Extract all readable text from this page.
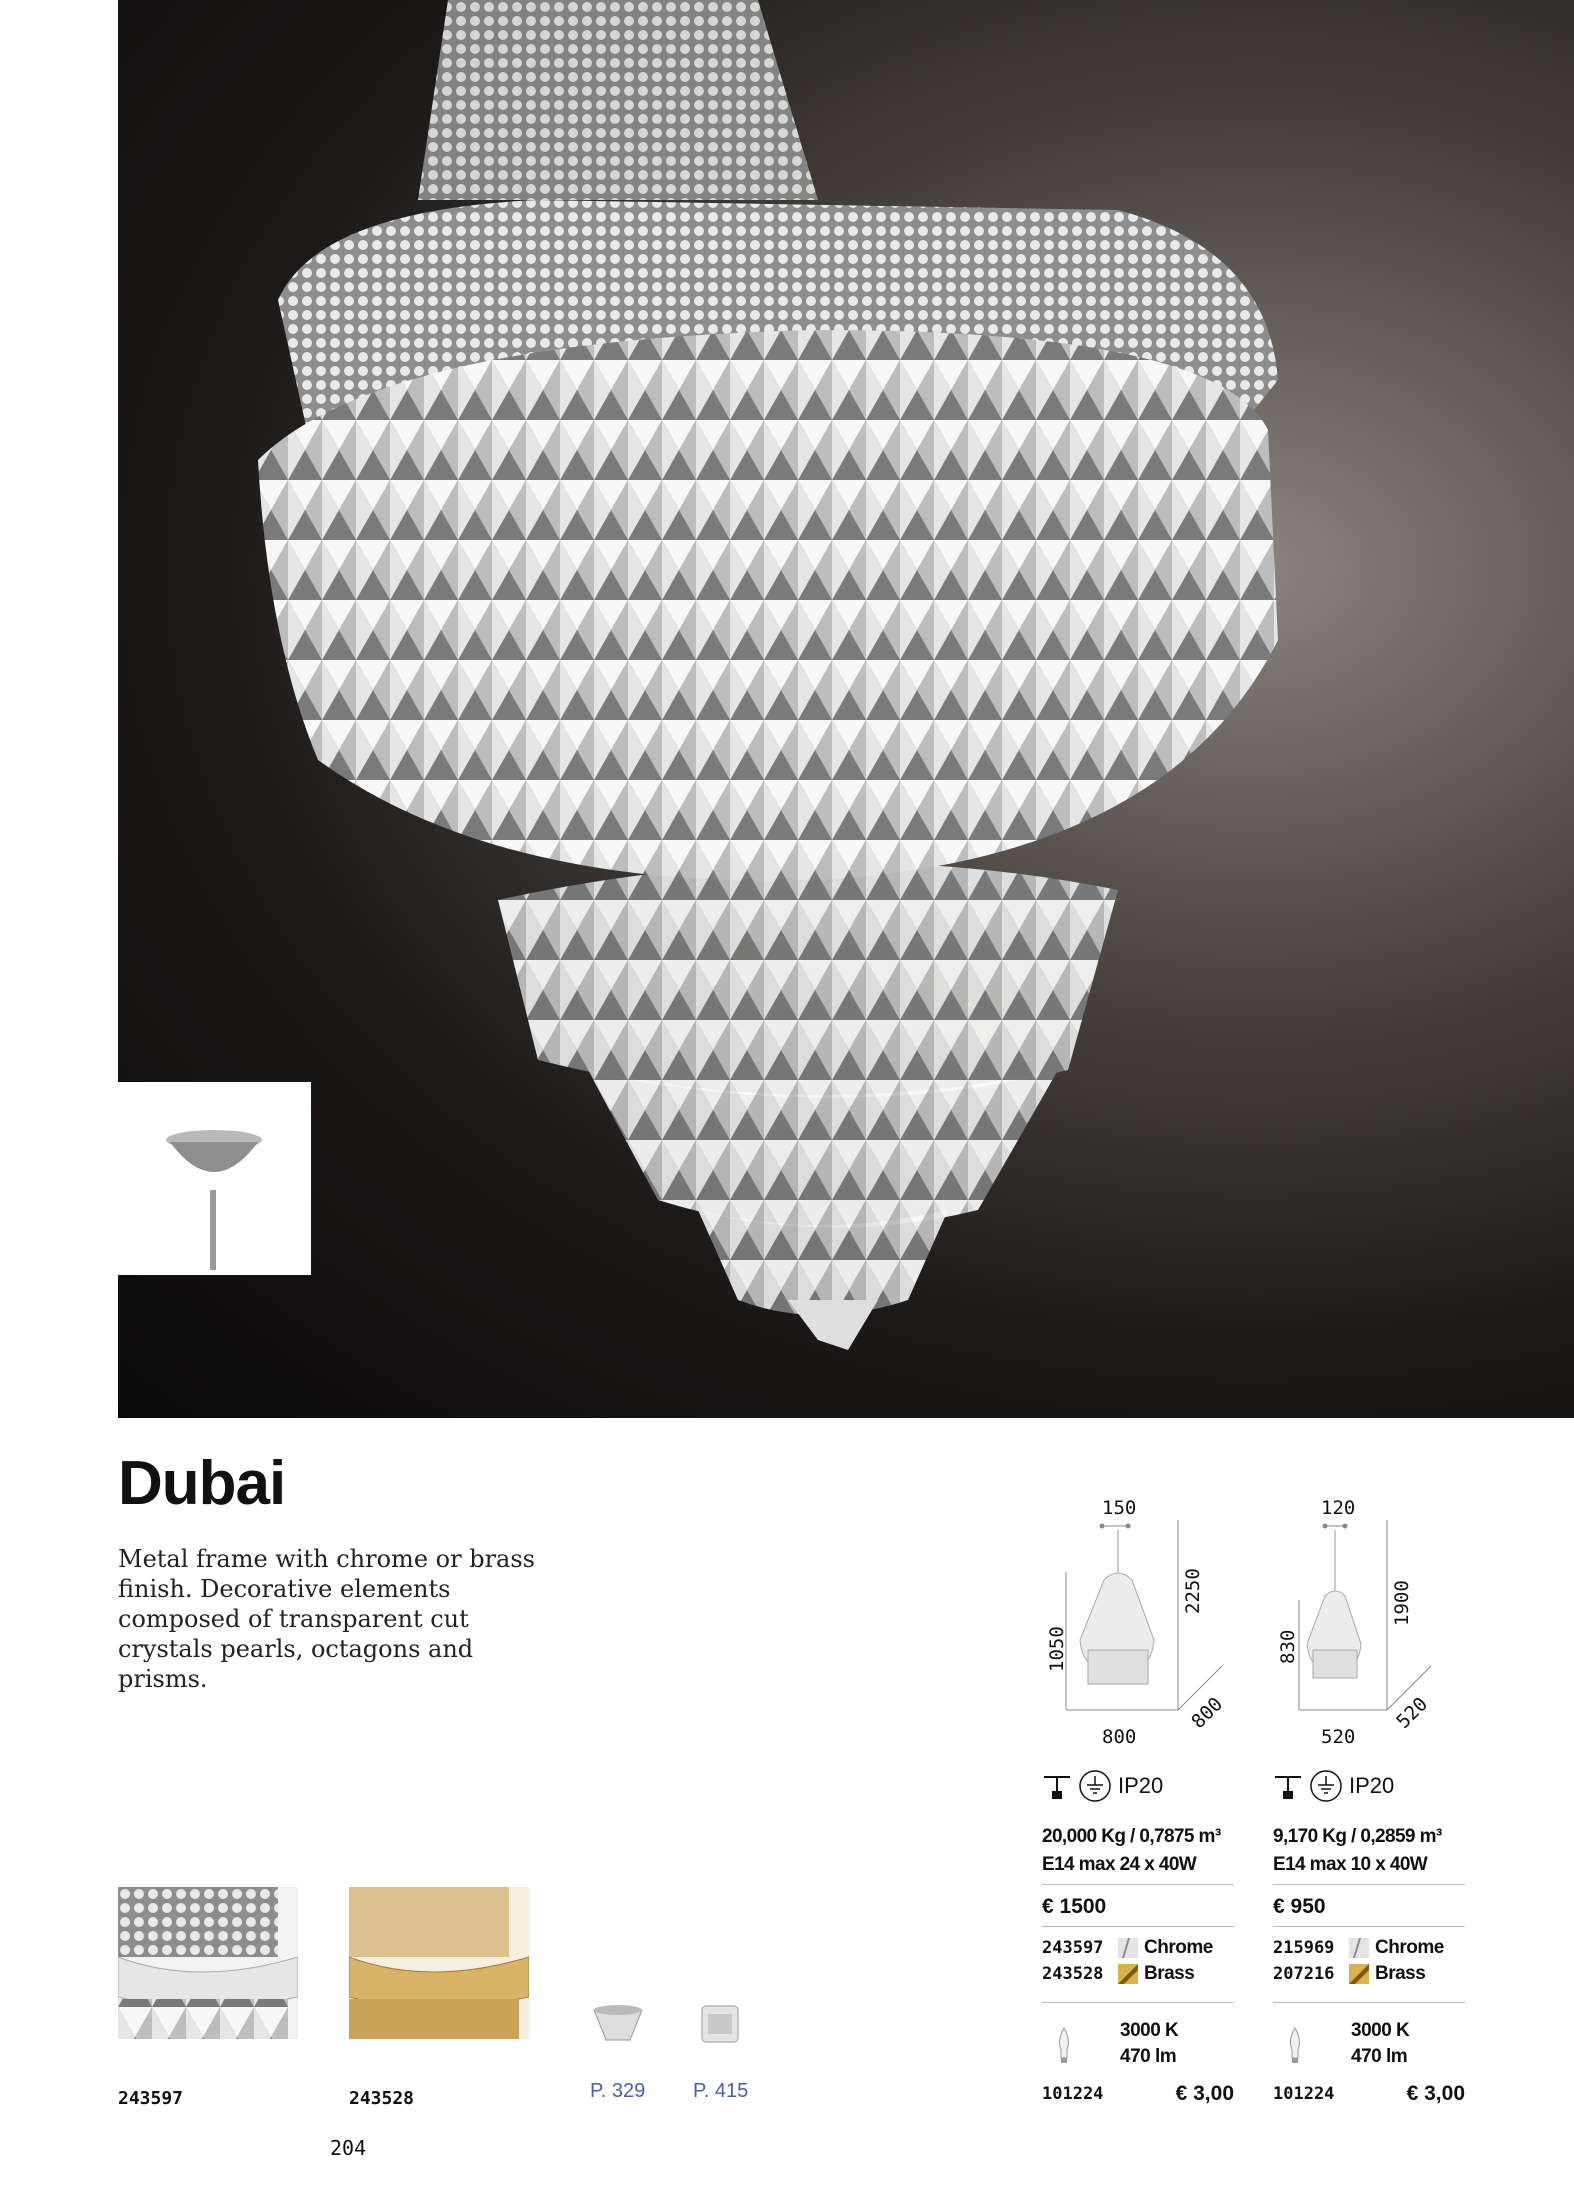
Dubai
Metal frame with chrome or brass finish. Decorative elements composed of transparent cut crystals pearls, octagons and prisms.
243597	243528	P. 329 P. 415
204
150
1050
2250
800
800
IP20
20,000 Kg / 0,7875 m³
E14 max 24 x 40W
€ 1500
243597	Chrome
243528	Brass
3000 K
470 lm
101224	€ 3,00
120
830
1900
520
520
IP20
9,170 Kg / 0,2859 m³
E14 max 10 x 40W
€ 950
215969	Chrome
207216	Brass
3000 K
470 lm
101224	€ 3,00
